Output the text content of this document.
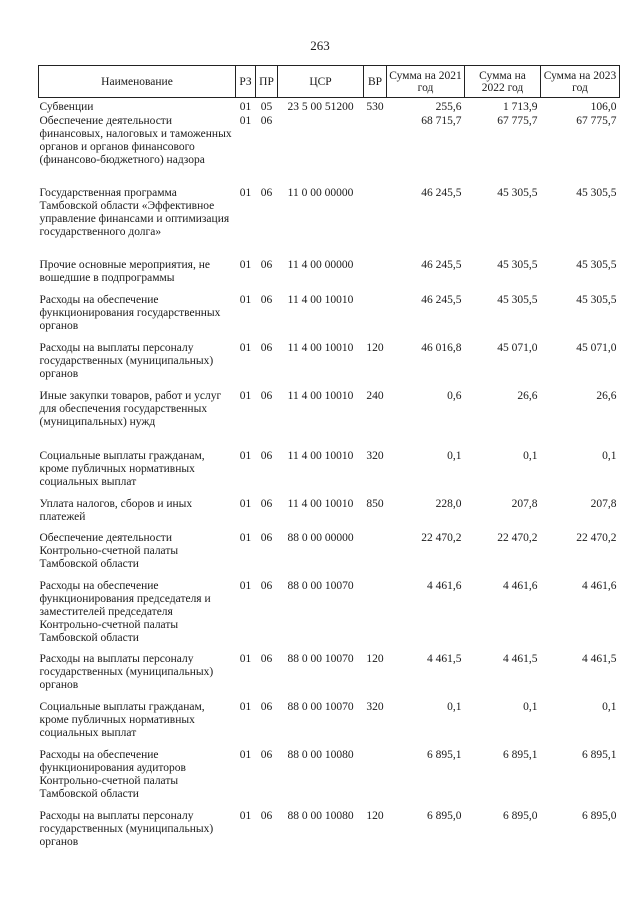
263
Наименование	РЗ	ПР	ЦСР	ВР	Сумма на 2021 год	Сумма на 2022 год	Сумма на 2023 год
Субвенции	01	05	23 5 00 51200	530	255,6	1 713,9	106,0
Обеспечение деятельности финансовых, налоговых и таможенных органов и органов финансового (финансово-бюджетного) надзора	01	06			68 715,7	67 775,7	67 775,7
Государственная программа Тамбовской области «Эффективное управление финансами и оптимизация государственного долга»	01	06	11 0 00 00000		46 245,5	45 305,5	45 305,5
Прочие основные мероприятия, не вошедшие в подпрограммы	01	06	11 4 00 00000		46 245,5	45 305,5	45 305,5
Расходы на обеспечение функционирования государственных органов	01	06	11 4 00 10010		46 245,5	45 305,5	45 305,5
Расходы на выплаты персоналу государственных (муниципальных) органов	01	06	11 4 00 10010	120	46 016,8	45 071,0	45 071,0
Иные закупки товаров, работ и услуг для обеспечения государственных (муниципальных) нужд	01	06	11 4 00 10010	240	0,6	26,6	26,6
Социальные выплаты гражданам, кроме публичных нормативных социальных выплат	01	06	11 4 00 10010	320	0,1	0,1	0,1
Уплата налогов, сборов и иных платежей	01	06	11 4 00 10010	850	228,0	207,8	207,8
Обеспечение деятельности Контрольно-счетной палаты Тамбовской области	01	06	88 0 00 00000		22 470,2	22 470,2	22 470,2
Расходы на обеспечение функционирования председателя и заместителей председателя Контрольно-счетной палаты Тамбовской области	01	06	88 0 00 10070		4 461,6	4 461,6	4 461,6
Расходы на выплаты персоналу государственных (муниципальных) органов	01	06	88 0 00 10070	120	4 461,5	4 461,5	4 461,5
Социальные выплаты гражданам, кроме публичных нормативных социальных выплат	01	06	88 0 00 10070	320	0,1	0,1	0,1
Расходы на обеспечение функционирования аудиторов Контрольно-счетной палаты Тамбовской области	01	06	88 0 00 10080		6 895,1	6 895,1	6 895,1
Расходы на выплаты персоналу государственных (муниципальных) органов	01	06	88 0 00 10080	120	6 895,0	6 895,0	6 895,0
